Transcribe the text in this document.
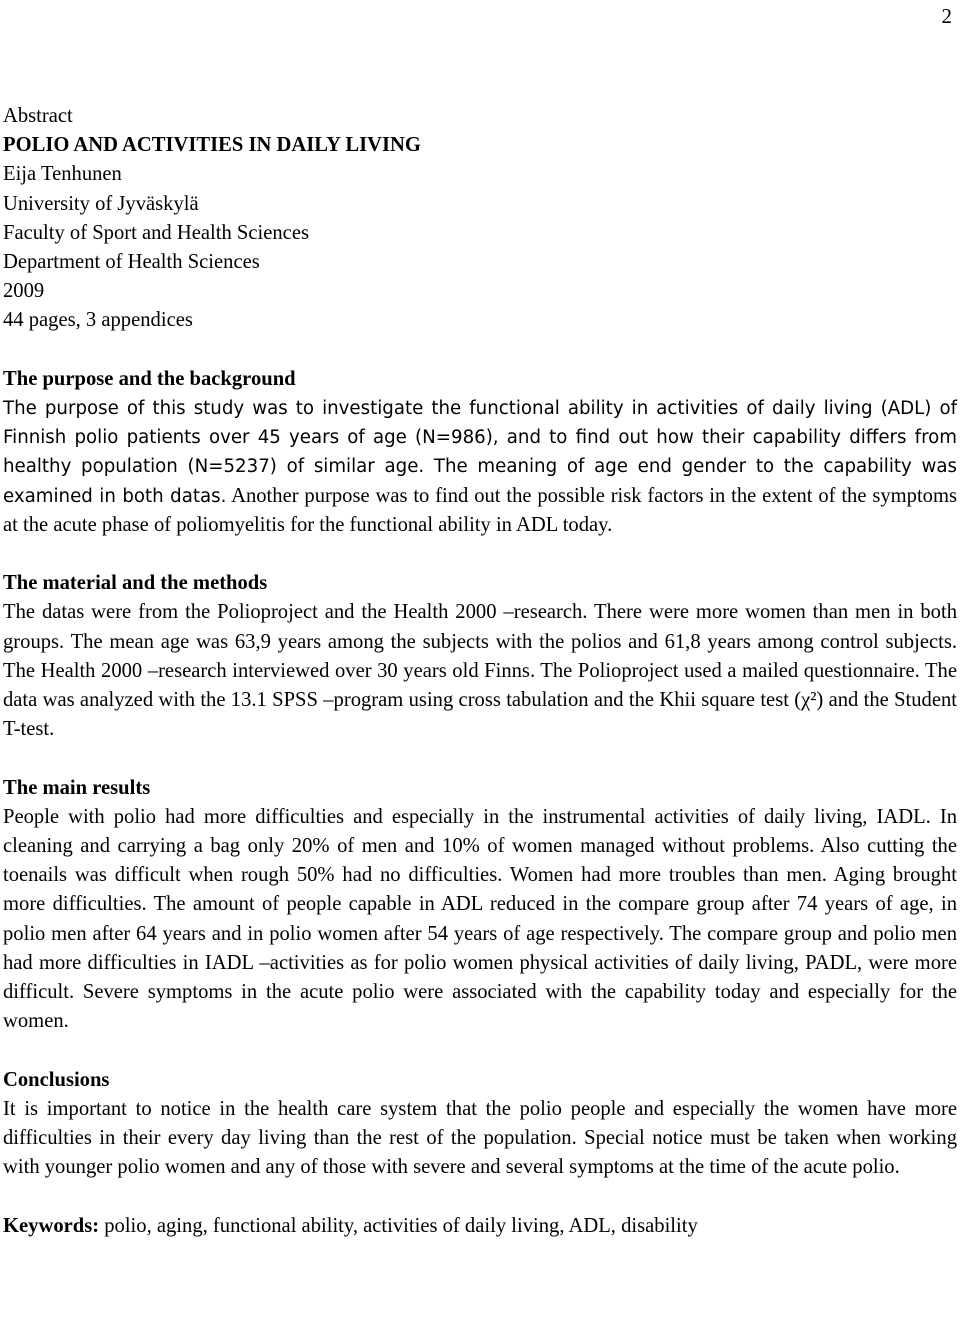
2
Abstract
POLIO AND ACTIVITIES IN DAILY LIVING
Eija Tenhunen
University of Jyväskylä
Faculty of Sport and Health Sciences
Department of Health Sciences
2009
44 pages, 3 appendices
The purpose and the background

The purpose of this study was to investigate the functional ability in activities of daily living (ADL) of Finnish polio patients over 45 years of age (N=986), and to find out how their capability differs from healthy population (N=5237) of similar age. The meaning of age end gender to the capability was examined in both datas. Another purpose was to find out the possible risk factors in the extent of the symptoms at the acute phase of poliomyelitis for the functional ability in ADL today.

The material and the methods

The datas were from the Polioproject and the Health 2000 –research. There were more women than men in both groups. The mean age was 63,9 years among the subjects with the polios and 61,8 years among control subjects. The Health 2000 –research interviewed over 30 years old Finns. The Polioproject used a mailed questionnaire. The data was analyzed with the 13.1 SPSS –program using cross tabulation and the Khii square test (χ²) and the Student T-test.

The main results

People with polio had more difficulties and especially in the instrumental activities of daily living, IADL. In cleaning and carrying a bag only 20% of men and 10% of women managed without problems. Also cutting the toenails was difficult when rough 50% had no difficulties. Women had more troubles than men. Aging brought more difficulties. The amount of people capable in ADL reduced in the compare group after 74 years of age, in polio men after 64 years and in polio women after 54 years of age respectively. The compare group and polio men had more difficulties in IADL –activities as for polio women physical activities of daily living, PADL, were more difficult. Severe symptoms in the acute polio were associated with the capability today and especially for the women.

Conclusions

It is important to notice in the health care system that the polio people and especially the women have more difficulties in their every day living than the rest of the population. Special notice must be taken when working with younger polio women and any of those with severe and several symptoms at the time of the acute polio.

Keywords: polio, aging, functional ability, activities of daily living, ADL, disability
